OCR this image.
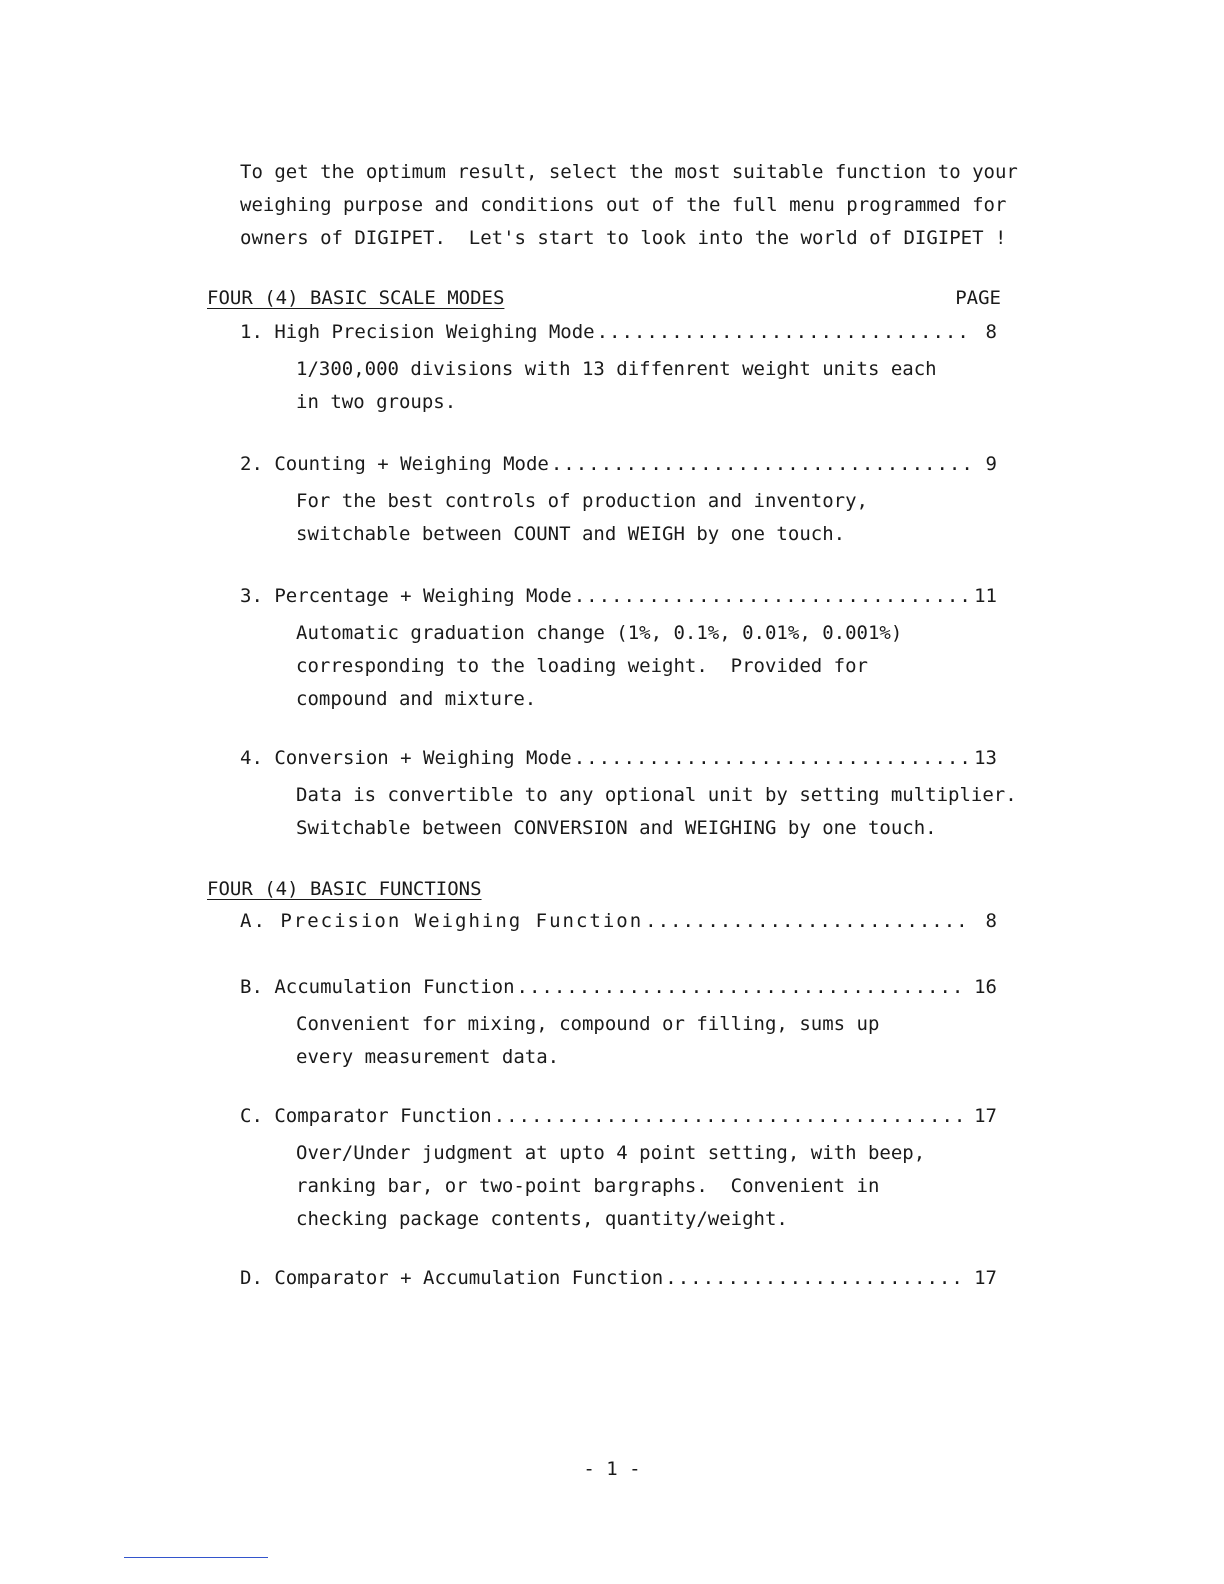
To get the optimum result, select the most suitable function to your
weighing purpose and conditions out of the full menu programmed for
owners of DIGIPET.  Let's start to look into the world of DIGIPET !
FOUR (4) BASIC SCALE MODES	PAGE
1. High Precision Weighing Mode .....	8
1/300,000 divisions with 13 diffenrent weight units each
in two groups.
2. Counting + Weighing Mode .....	9
For the best controls of production and inventory,
switchable between COUNT and WEIGH by one touch.
3. Percentage + Weighing Mode .....	11
Automatic graduation change (1%, 0.1%, 0.01%, 0.001%)
corresponding to the loading weight.  Provided for
compound and mixture.
4. Conversion + Weighing Mode .....	13
Data is convertible to any optional unit by setting multiplier.
Switchable between CONVERSION and WEIGHING by one touch.
FOUR (4) BASIC FUNCTIONS
A. Precision Weighing Function .....	8
B. Accumulation Function .....	16
Convenient for mixing, compound or filling, sums up
every measurement data.
C. Comparator Function .....	17
Over/Under judgment at upto 4 point setting, with beep,
ranking bar, or two-point bargraphs.  Convenient in
checking package contents, quantity/weight.
D. Comparator + Accumulation Function .....	17
- 1 -
